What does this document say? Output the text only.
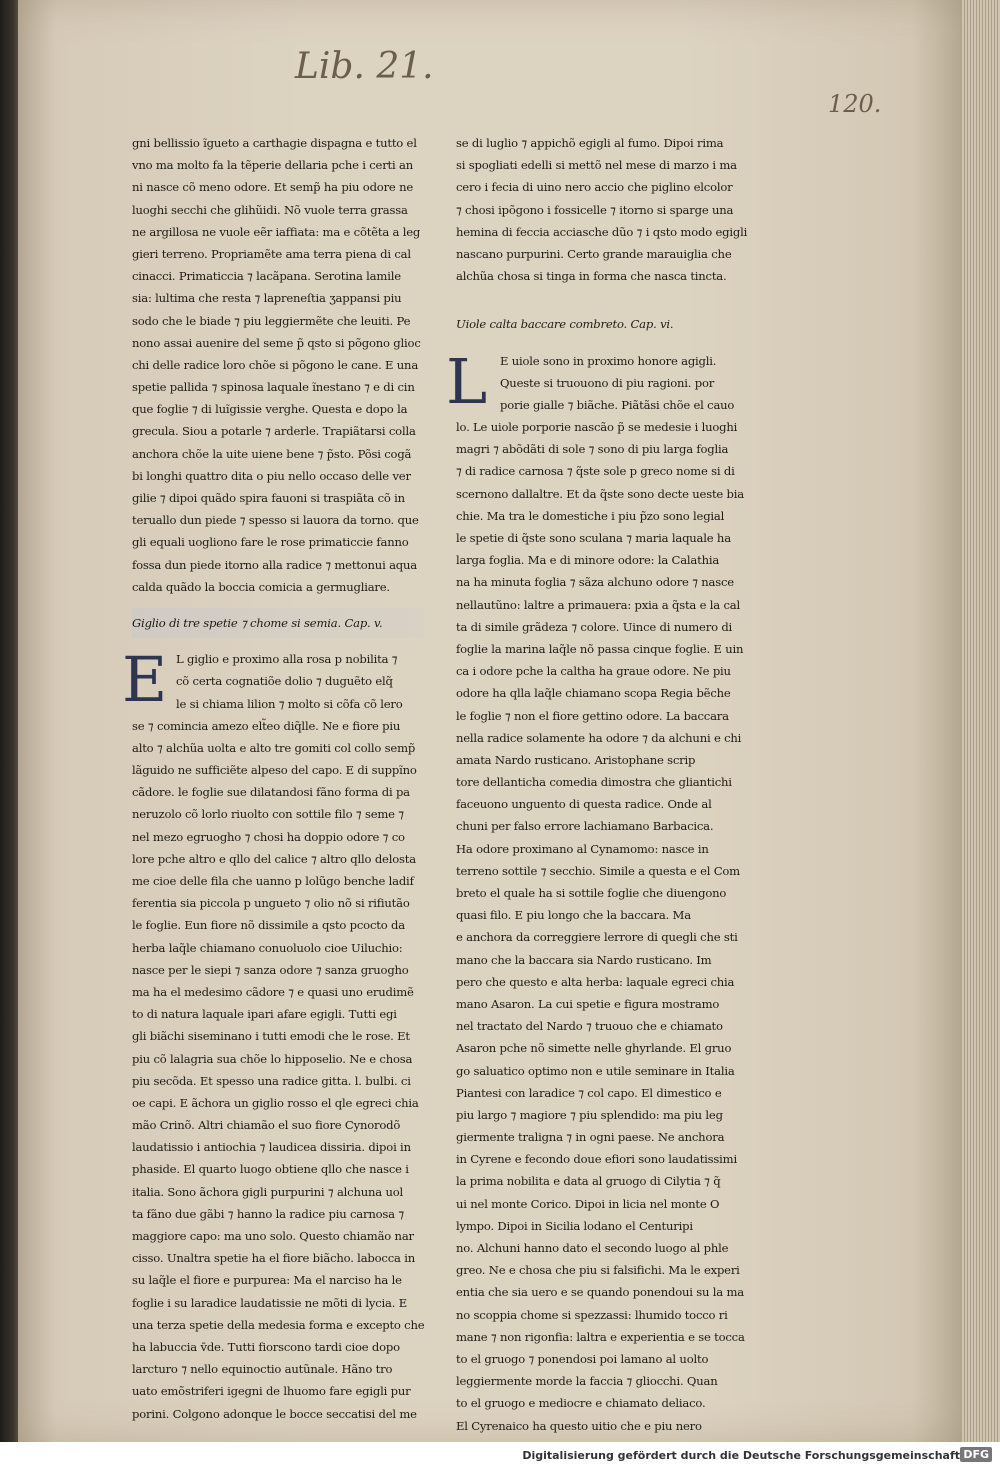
Lib. 21.
120.
gni bellissio ĩgueto a carthagie dispagna e tutto el
vno ma molto fa la tẽperie dellaria pche i certi an
ni nasce cõ meno odore. Et semp̃ ha piu odore ne
luoghi secchi che glihũidi. Nõ vuole terra grassa
ne argillosa ne vuole eẽr iaffiata: ma e cõtẽta a leg
gieri terreno. Propriamẽte ama terra piena di cal
cinacci. Primaticcia ⁊ lacãpana. Serotina lamile
sia: lultima che resta ⁊ lapreneſtia ʒappansi piu
sodo che le biade ⁊ piu leggiermẽte che leuiti. Pe
nono assai auenire del seme p̃ qsto si põgono glioc
chi delle radice loro chõe si põgono le cane. E una
spetie pallida ⁊ spinosa laquale ĩnestano ⁊ e di cin
que foglie ⁊ di luĩgissie verghe. Questa e dopo la
grecula. Siou a potarle ⁊ arderle. Trapiãtarsi colla
anchora chõe la uite uiene bene ⁊ p̃sto. Põsi cogã
bi longhi quattro dita o piu nello occaso delle ver
gilie ⁊ dipoi quãdo spira fauoni si traspiãta cõ in
teruallo dun piede ⁊ spesso si lauora da torno. que
gli equali uogliono fare le rose primaticcie fanno
fossa dun piede itorno alla radice ⁊ mettonui aqua
calda quãdo la boccia comicia a germugliare.
Giglio di tre spetie ⁊ chome si semia. Cap. v.
E L giglio e proximo alla rosa p nobilita ⁊
cõ certa cognatiõe dolio ⁊ duguẽto elq̃
le si chiama lilion ⁊ molto si cõfa cõ lero
se ⁊ comincia amezo elt̃eo diq̃lle. Ne e fiore piu
alto ⁊ alchũa uolta e alto tre gomiti col collo semp̃
lãguido ne sufficiẽte alpeso del capo. E di suppĩno
cãdore. le foglie sue dilatandosi fãno forma di pa
neruzolo cõ lorlo riuolto con sottile filo ⁊ seme ⁊
nel mezo egruogho ⁊ chosi ha doppio odore ⁊ co
lore pche altro e qllo del calice ⁊ altro qllo delosta
me cioe delle fila che uanno p lolũgo benche ladif
ferentia sia piccola p ungueto ⁊ olio nõ si rifiutão
le foglie. Eun fiore nõ dissimile a qsto pcocto da
herba laq̃le chiamano conuoluolo cioe Uiluchio:
nasce per le siepi ⁊ sanza odore ⁊ sanza gruogho
ma ha el medesimo cãdore ⁊ e quasi uno erudimẽ
to di natura laquale ipari afare egigli. Tutti egi
gli biãchi siseminano i tutti emodi che le rose. Et
piu cõ lalagria sua chõe lo hipposelio. Ne e chosa
piu secõda. Et spesso una radice gitta. l. bulbi. ci
oe capi. E ãchora un giglio rosso el qle egreci chia
mão Crinõ. Altri chiamão el suo fiore Cynorodõ
laudatissio i antiochia ⁊ laudicea dissiria. dipoi in
phaside. El quarto luogo obtiene qllo che nasce i
italia. Sono ãchora gigli purpurini ⁊ alchuna uol
ta fãno due gãbi ⁊ hanno la radice piu carnosa ⁊
maggiore capo: ma uno solo. Questo chiamão nar
cisso. Unaltra spetie ha el fiore biãcho. labocca in
su laq̃le el fiore e purpurea: Ma el narciso ha le
foglie i su laradice laudatissie ne mõti di lycia. E
una terza spetie della medesia forma e excepto che
ha labuccia v̄de. Tutti fiorscono tardi cioe dopo
larcturo ⁊ nello equinoctio autũnale. Hãno tro
uato emõstriferi igegni de lhuomo fare egigli pur
porini. Colgono adonque le bocce seccatisi del me
se di luglio ⁊ appichõ egigli al fumo. Dipoi rima
si spogliati edelli si mettõ nel mese di marzo i ma
cero i fecia di uino nero accio che piglino elcolor
⁊ chosi ipõgono i fossicelle ⁊ itorno si sparge una
hemina di feccia acciasche dũo ⁊ i qsto modo egigli
nascano purpurini. Certo grande marauiglia che
alchũa chosa si tinga in forma che nasca tincta.
Uiole calta baccare combreto. Cap. vi.
L E uiole sono in proximo honore agigli.
Queste si truouono di piu ragioni. por
porie gialle ⁊ biãche. Piãtãsi chõe el cauo
lo. Le uiole porporie nascão p̃ se medesie i luoghi
magri ⁊ abõdãti di sole ⁊ sono di piu larga foglia
⁊ di radice carnosa ⁊ q̃ste sole p greco nome si di
scernono dallaltre. Et da q̃ste sono decte ueste bia
chie. Ma tra le domestiche i piu p̃zo sono legial
le spetie di q̃ste sono sculana ⁊ maria laquale ha
larga foglia. Ma e di minore odore: la Calathia
na ha minuta foglia ⁊ sãza alchuno odore ⁊ nasce
nellautũno: laltre a primauera: pxia a q̃sta e la cal
ta di simile grãdeza ⁊ colore. Uince di numero di
foglie la marina laq̃le nõ passa cinque foglie. E uin
ca i odore pche la caltha ha graue odore. Ne piu
odore ha qlla laq̃le chiamano scopa Regia bẽche
le foglie ⁊ non el fiore gettino odore. La baccara
nella radice solamente ha odore ⁊ da alchuni e chi
amata Nardo rusticano. Aristophane scrip
tore dellanticha comedia dimostra che gliantichi
faceuono unguento di questa radice. Onde al
chuni per falso errore lachiamano Barbacica.
Ha odore proximano al Cynamomo: nasce in
terreno sottile ⁊ secchio. Simile a questa e el Com
breto el quale ha si sottile foglie che diuengono
quasi filo. E piu longo che la baccara. Ma
e anchora da correggiere lerrore di quegli che sti
mano che la baccara sia Nardo rusticano. Im
pero che questo e alta herba: laquale egreci chia
mano Asaron. La cui spetie e figura mostramo
nel tractato del Nardo ⁊ truouo che e chiamato
Asaron pche nõ simette nelle ghyrlande. El gruo
go saluatico optimo non e utile seminare in Italia
Piantesi con laradice ⁊ col capo. El dimestico e
piu largo ⁊ magiore ⁊ piu splendido: ma piu leg
giermente traligna ⁊ in ogni paese. Ne anchora
in Cyrene e fecondo doue efiori sono laudatissimi
la prima nobilita e data al gruogo di Cilytia ⁊ q̃
ui nel monte Corico. Dipoi in licia nel monte O
lympo. Dipoi in Sicilia lodano el Centuripi
no. Alchuni hanno dato el secondo luogo al phle
greo. Ne e chosa che piu si falsifichi. Ma le experi
entia che sia uero e se quando ponendoui su la ma
no scoppia chome si spezzassi: lhumido tocco ri
mane ⁊ non rigonfia: laltra e experientia e se tocca
to el gruogo ⁊ ponendosi poi lamano al uolto
leggiermente morde la faccia ⁊ gliocchi. Quan
to el gruogo e mediocre e chiamato deliaco.
El Cyrenaico ha questo uitio che e piu nero
Digitalisierung gefördert durch die Deutsche Forschungsgemeinschaft DFG
